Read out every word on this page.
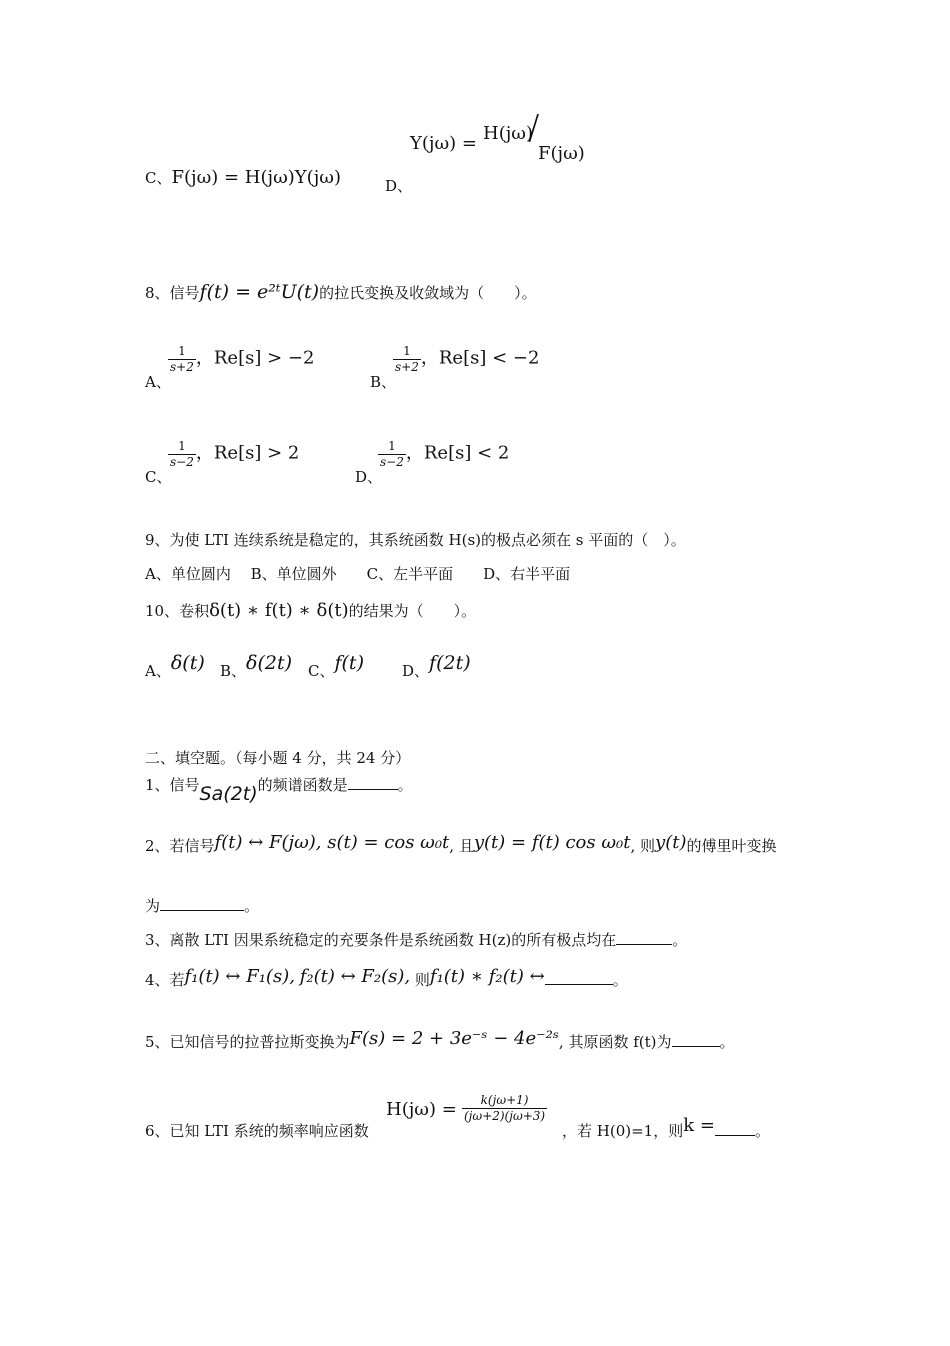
C、F(jω) = H(jω)Y(jω)	D、
Y(jω) = H(jω)
/
F(jω)
8、信号f(t) = e²ᵗU(t)的拉氏变换及收敛域为（　　）。
A、
$\frac{1}{s+2}$ ，Re[s] > −2
B、
$\frac{1}{s+2}$ ，Re[s] < −2
C、
$\frac{1}{s-2}$ ，Re[s] > 2
D、
$\frac{1}{s-2}$ ，Re[s] < 2
9、为使 LTI 连续系统是稳定的，其系统函数 H(s)的极点必须在 s 平面的（　）。
A、单位圆内　 B、单位圆外　　C、左半平面　　D、右半平面
10、卷积δ(t) ∗ f(t) ∗ δ(t)的结果为（　　）。
A、δ(t) B、δ(2t) C、f(t)	D、f(2t)
二、填空题。（每小题 4 分，共 24 分）
1、信号Sa(2t)的频谱函数是	。
2、若信号f(t) ↔ F(jω), s(t) = cos ω₀t, 且y(t) = f(t) cos ω₀t, 则y(t)的傅里叶变换
为	。
3、离散 LTI 因果系统稳定的充要条件是系统函数 H(z)的所有极点均在	。
4、若f₁(t) ↔ F₁(s), f₂(t) ↔ F₂(s), 则f₁(t) ∗ f₂(t) ↔	。
5、已知信号的拉普拉斯变换为F(s) = 2 + 3e⁻ˢ − 4e⁻²ˢ, 其原函数 f(t)为	。
6、已知 LTI 系统的频率响应函数
$H(j\omega) = \frac{k(j\omega+1)}{(j\omega+2)(j\omega+3)}$
，若 H(0)=1，则k =	。
